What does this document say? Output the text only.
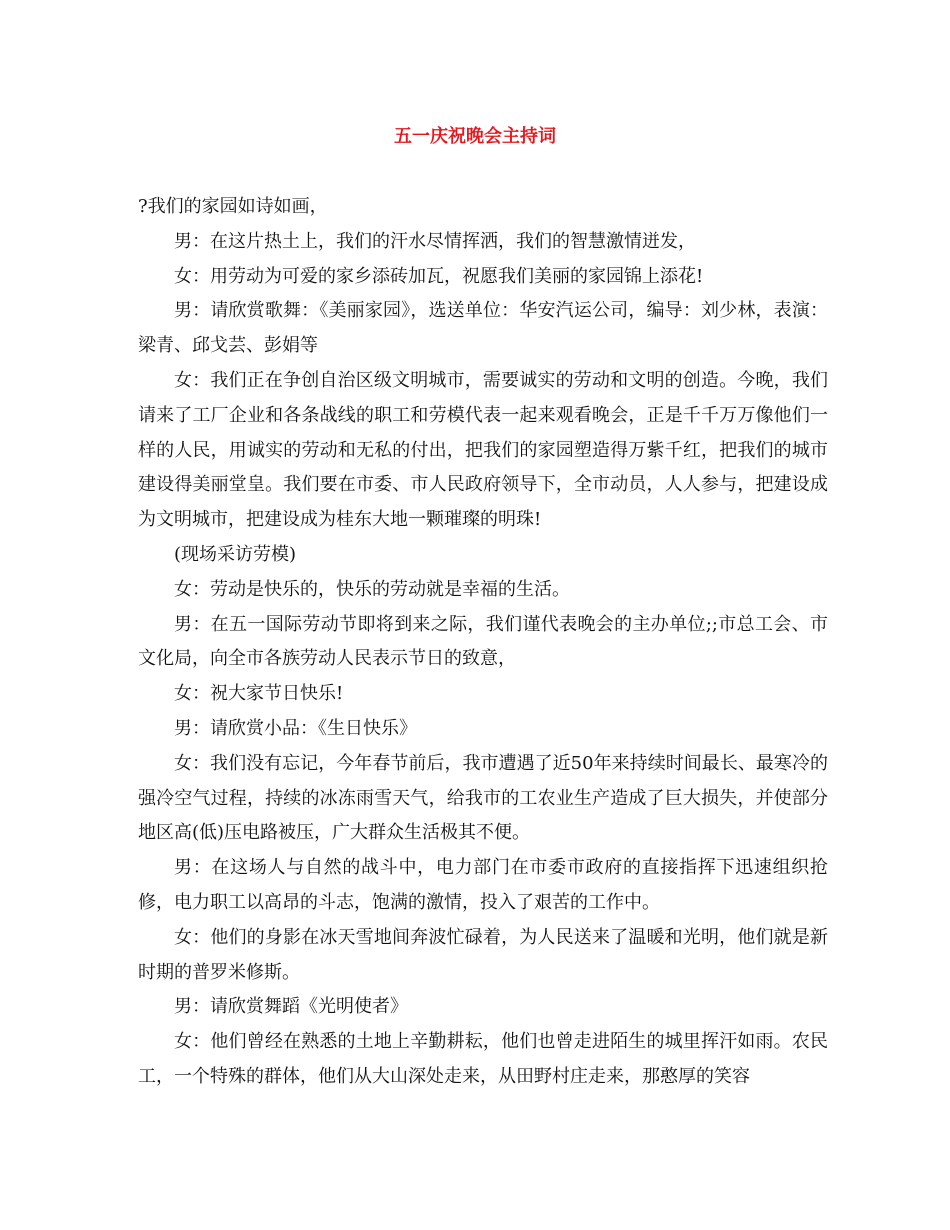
五一庆祝晚会主持词

?我们的家园如诗如画，

男：在这片热土上，我们的汗水尽情挥洒，我们的智慧激情迸发，

女：用劳动为可爱的家乡添砖加瓦，祝愿我们美丽的家园锦上添花!

男：请欣赏歌舞：《美丽家园》，选送单位：华安汽运公司，编导：刘少林，表演：梁青、邱戈芸、彭娟等

女：我们正在争创自治区级文明城市，需要诚实的劳动和文明的创造。今晚，我们请来了工厂企业和各条战线的职工和劳模代表一起来观看晚会，正是千千万万像他们一样的人民，用诚实的劳动和无私的付出，把我们的家园塑造得万紫千红，把我们的城市建设得美丽堂皇。我们要在市委、市人民政府领导下，全市动员，人人参与，把建设成为文明城市，把建设成为桂东大地一颗璀璨的明珠!

(现场采访劳模)

女：劳动是快乐的，快乐的劳动就是幸福的生活。

男：在五一国际劳动节即将到来之际，我们谨代表晚会的主办单位;;市总工会、市文化局，向全市各族劳动人民表示节日的致意，

女：祝大家节日快乐!

男：请欣赏小品：《生日快乐》

女：我们没有忘记，今年春节前后，我市遭遇了近50年来持续时间最长、最寒冷的强冷空气过程，持续的冰冻雨雪天气，给我市的工农业生产造成了巨大损失，并使部分地区高(低)压电路被压，广大群众生活极其不便。

男：在这场人与自然的战斗中，电力部门在市委市政府的直接指挥下迅速组织抢修，电力职工以高昂的斗志，饱满的激情，投入了艰苦的工作中。

女：他们的身影在冰天雪地间奔波忙碌着，为人民送来了温暖和光明，他们就是新时期的普罗米修斯。

男：请欣赏舞蹈《光明使者》

女：他们曾经在熟悉的土地上辛勤耕耘，他们也曾走进陌生的城里挥汗如雨。农民工，一个特殊的群体，他们从大山深处走来，从田野村庄走来，那憨厚的笑容
